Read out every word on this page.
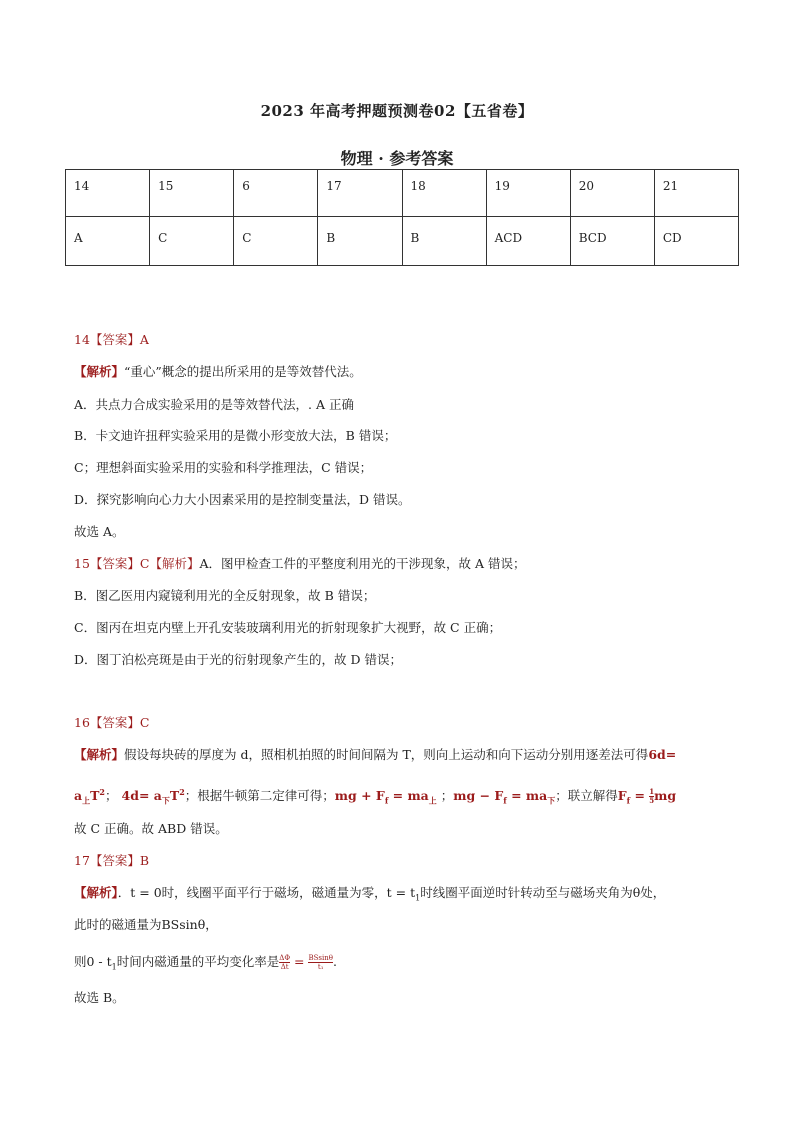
2023 年高考押题预测卷02【五省卷】
物理 · 参考答案
14	15	6	17	18	19	20	21
A	C	C	B	B	ACD	BCD	CD
14【答案】A
【解析】“重心”概念的提出所采用的是等效替代法。
A．共点力合成实验采用的是等效替代法，. A 正确
B．卡文迪许扭秤实验采用的是微小形变放大法，B 错误；
C；理想斜面实验采用的实验和科学推理法，C 错误；
D．探究影响向心力大小因素采用的是控制变量法，D 错误。
故选 A。
15【答案】C【解析】A．图甲检查工件的平整度利用光的干涉现象，故 A 错误；
B．图乙医用内窥镜利用光的全反射现象，故 B 错误；
C．图丙在坦克内壁上开孔安装玻璃利用光的折射现象扩大视野，故 C 正确；
D．图丁泊松亮斑是由于光的衍射现象产生的，故 D 错误；
16【答案】C
【解析】假设每块砖的厚度为 d，照相机拍照的时间间隔为 T，则向上运动和向下运动分别用逐差法可得6d=
$a_上T^2$； $4d= a_下T^2$；根据牛顿第二定律可得；mg + $F_f = ma_上$ ；mg − $F_f = ma_下$；联立解得$F_f = \frac{1}{5}$ mg
故 C 正确。故 ABD 错误。
17【答案】B
【解析】．t = 0时，线圈平面平行于磁场，磁通量为零，$t = t_1$时线圈平面逆时针转动至与磁场夹角为θ处，
此时的磁通量为BSsinθ，
则$0 - t_1$时间内磁通量的平均变化率是 $\frac{\Delta\Phi}{\Delta t} = \frac{BSsin\theta}{\text{t₁}}$ .
故选 B。
